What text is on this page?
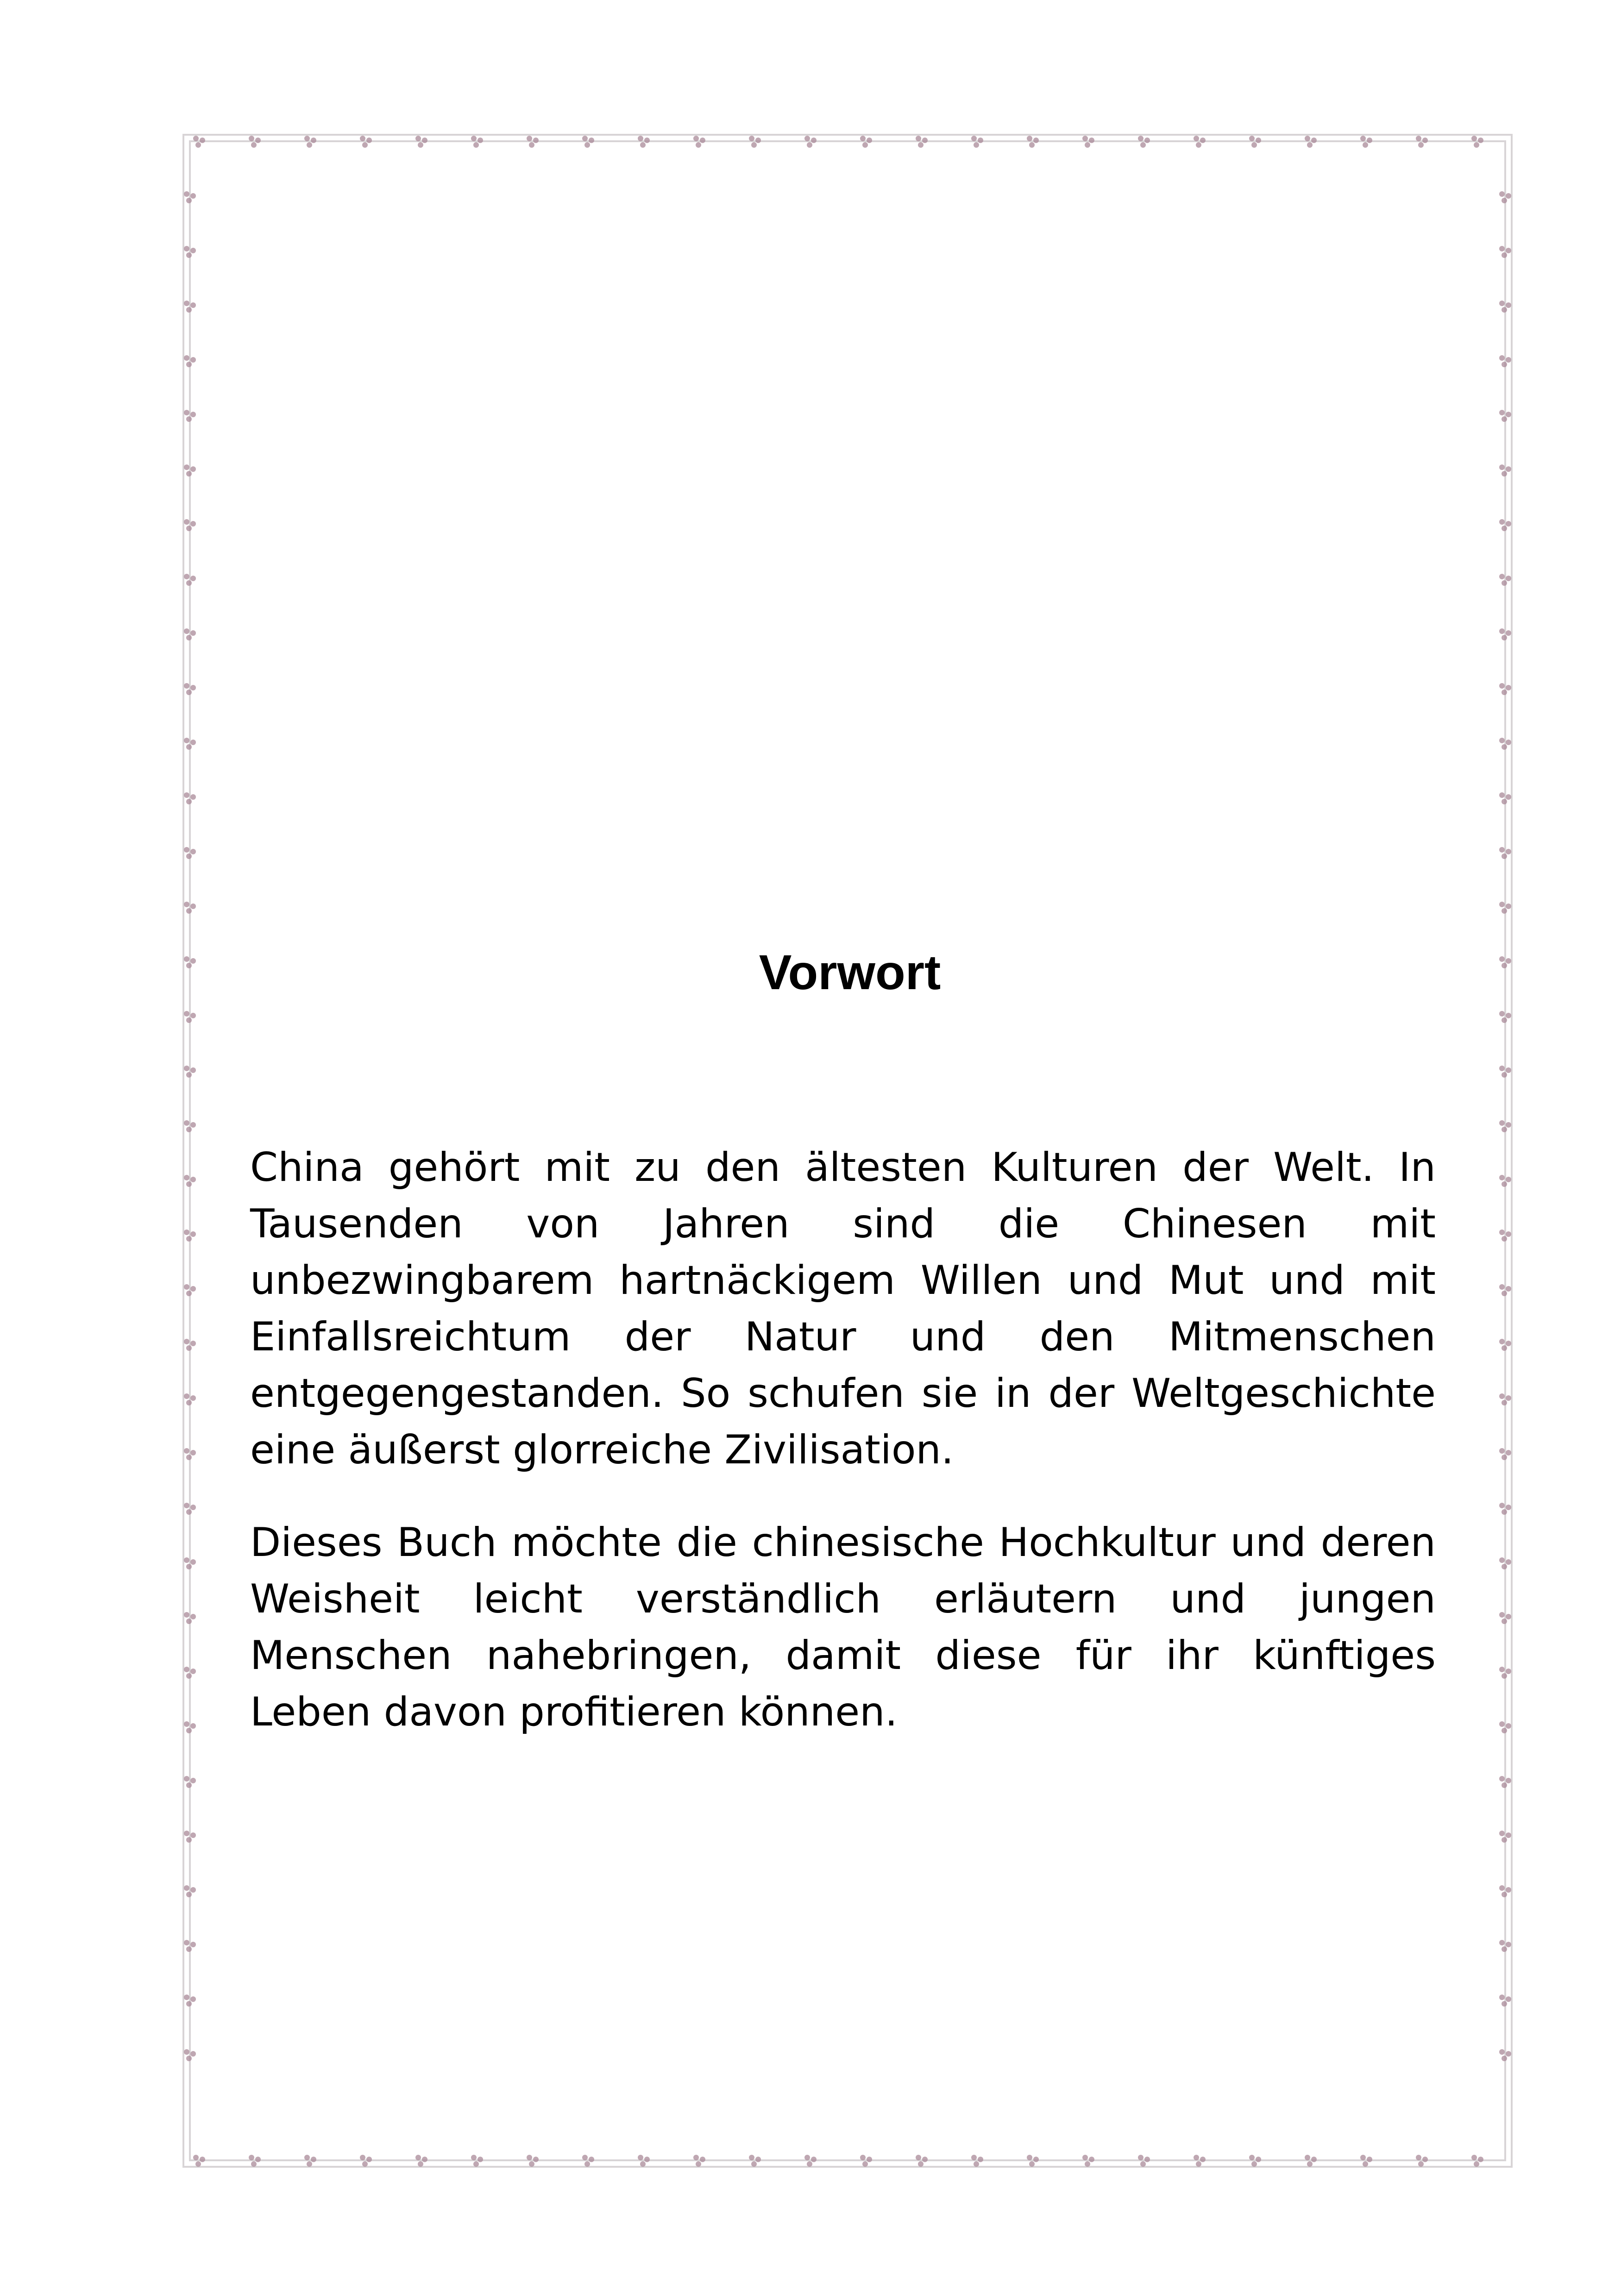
Vorwort

China gehört mit zu den ältesten Kulturen der Welt. In Tausenden von Jahren sind die Chinesen mit unbezwingbarem hartnäckigem Willen und Mut und mit Einfallsreichtum der Natur und den Mitmenschen entgegengestanden. So schufen sie in der Weltgeschichte eine äußerst glorreiche Zivilisation.

Dieses Buch möchte die chinesische Hochkultur und deren Weisheit leicht verständlich erläutern und jungen Menschen nahebringen, damit diese für ihr künftiges Leben davon profitieren können.
